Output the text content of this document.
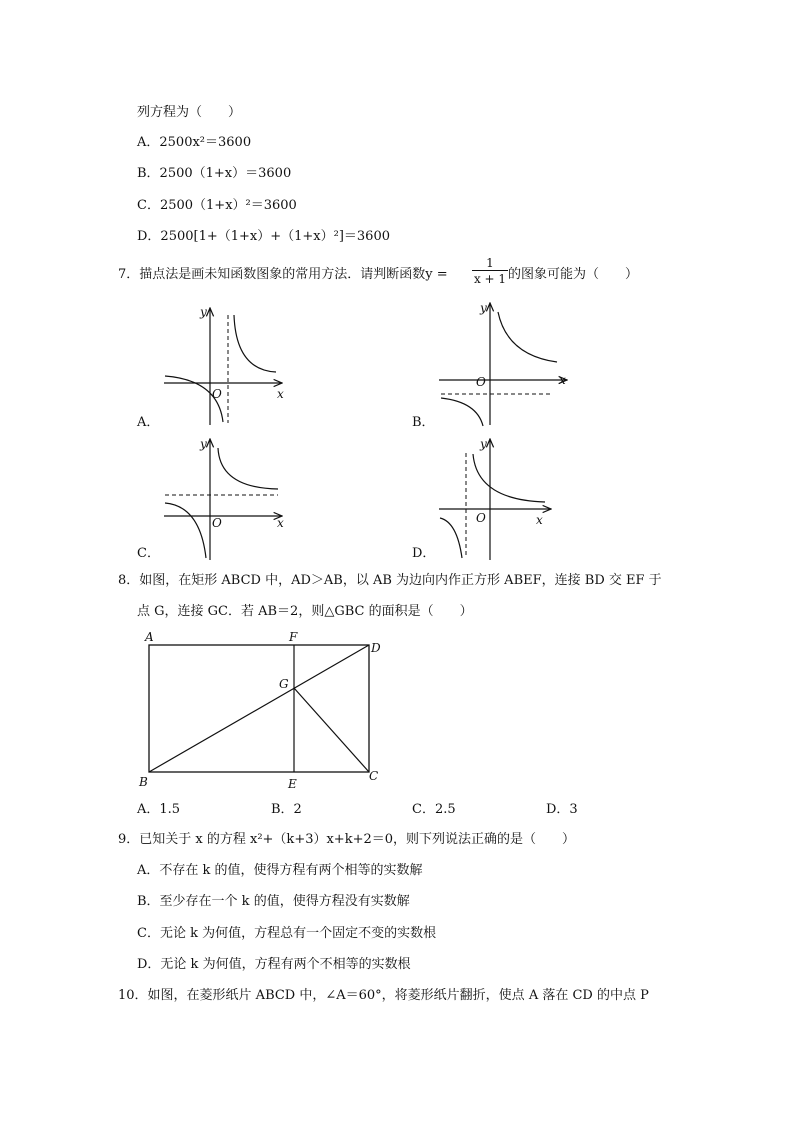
列方程为（　　）
A．2500x²＝3600
B．2500（1+x）＝3600
C．2500（1+x）²＝3600
D．2500[1+（1+x）+（1+x）²]＝3600
7．描点法是画未知函数图象的常用方法．请判断函数$y = \frac{1}{x + 1}$ 的图象可能为（　　）
y
x
O
A．
y
x
O
B．
y
x
O
C．
y
x
O
D．
8．如图，在矩形 ABCD 中，AD＞AB，以 AB 为边向内作正方形 ABEF，连接 BD 交 EF 于
点 G，连接 GC．若 AB＝2，则△GBC 的面积是（　　）
A	F
D
G
B	E
C
A．1.5	B．2	C．2.5	D．3
9．已知关于 x 的方程 x²+（k+3）x+k+2＝0，则下列说法正确的是（　　）
A．不存在 k 的值，使得方程有两个相等的实数解
B．至少存在一个 k 的值，使得方程没有实数解
C．无论 k 为何值，方程总有一个固定不变的实数根
D．无论 k 为何值，方程有两个不相等的实数根
10．如图，在菱形纸片 ABCD 中，∠A＝60°，将菱形纸片翻折，使点 A 落在 CD 的中点 P
